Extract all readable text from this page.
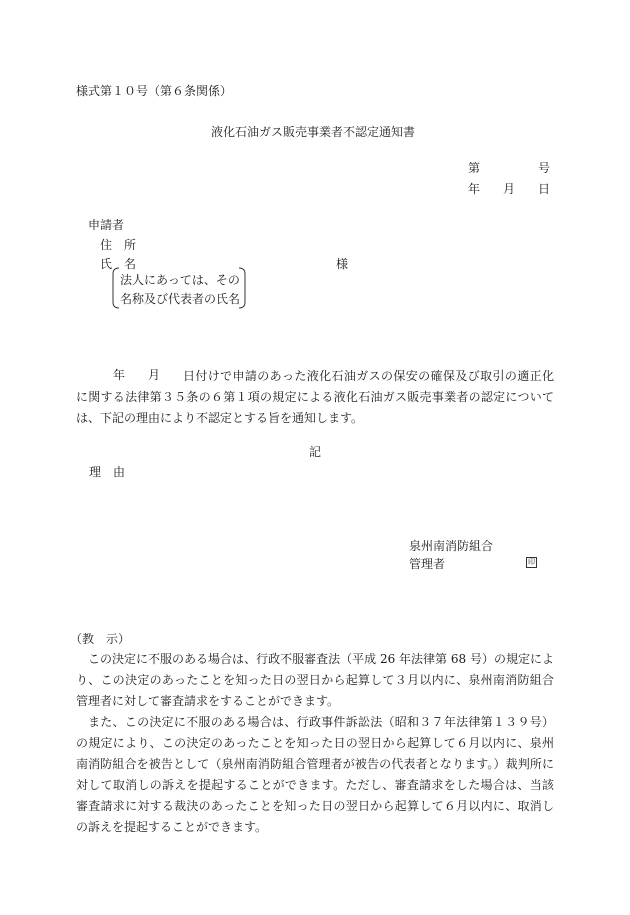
様式第１０号（第６条関係）
液化石油ガス販売事業者不認定通知書
第	号
年 月 日
申請者
住　所
氏　名	様
法人にあっては、その
名称及び代表者の氏名
年 月	日付けで申請のあった液化石油ガスの保安の確保及び取引の適正化に関する法律第３５条の６第１項の規定による液化石油ガス販売事業者の認定については、下記の理由により不認定とする旨を通知します。
記
理　由
泉州南消防組合
管理者	印
（教　示）
この決定に不服のある場合は、行政不服審査法（平成 26 年法律第 68 号）の規定により、この決定のあったことを知った日の翌日から起算して３月以内に、泉州南消防組合管理者に対して審査請求をすることができます。
また、この決定に不服のある場合は、行政事件訴訟法（昭和３７年法律第１３９号）の規定により、この決定のあったことを知った日の翌日から起算して６月以内に、泉州南消防組合を被告として（泉州南消防組合管理者が被告の代表者となります。）裁判所に対して取消しの訴えを提起することができます。ただし、審査請求をした場合は、当該審査請求に対する裁決のあったことを知った日の翌日から起算して６月以内に、取消しの訴えを提起することができます。
